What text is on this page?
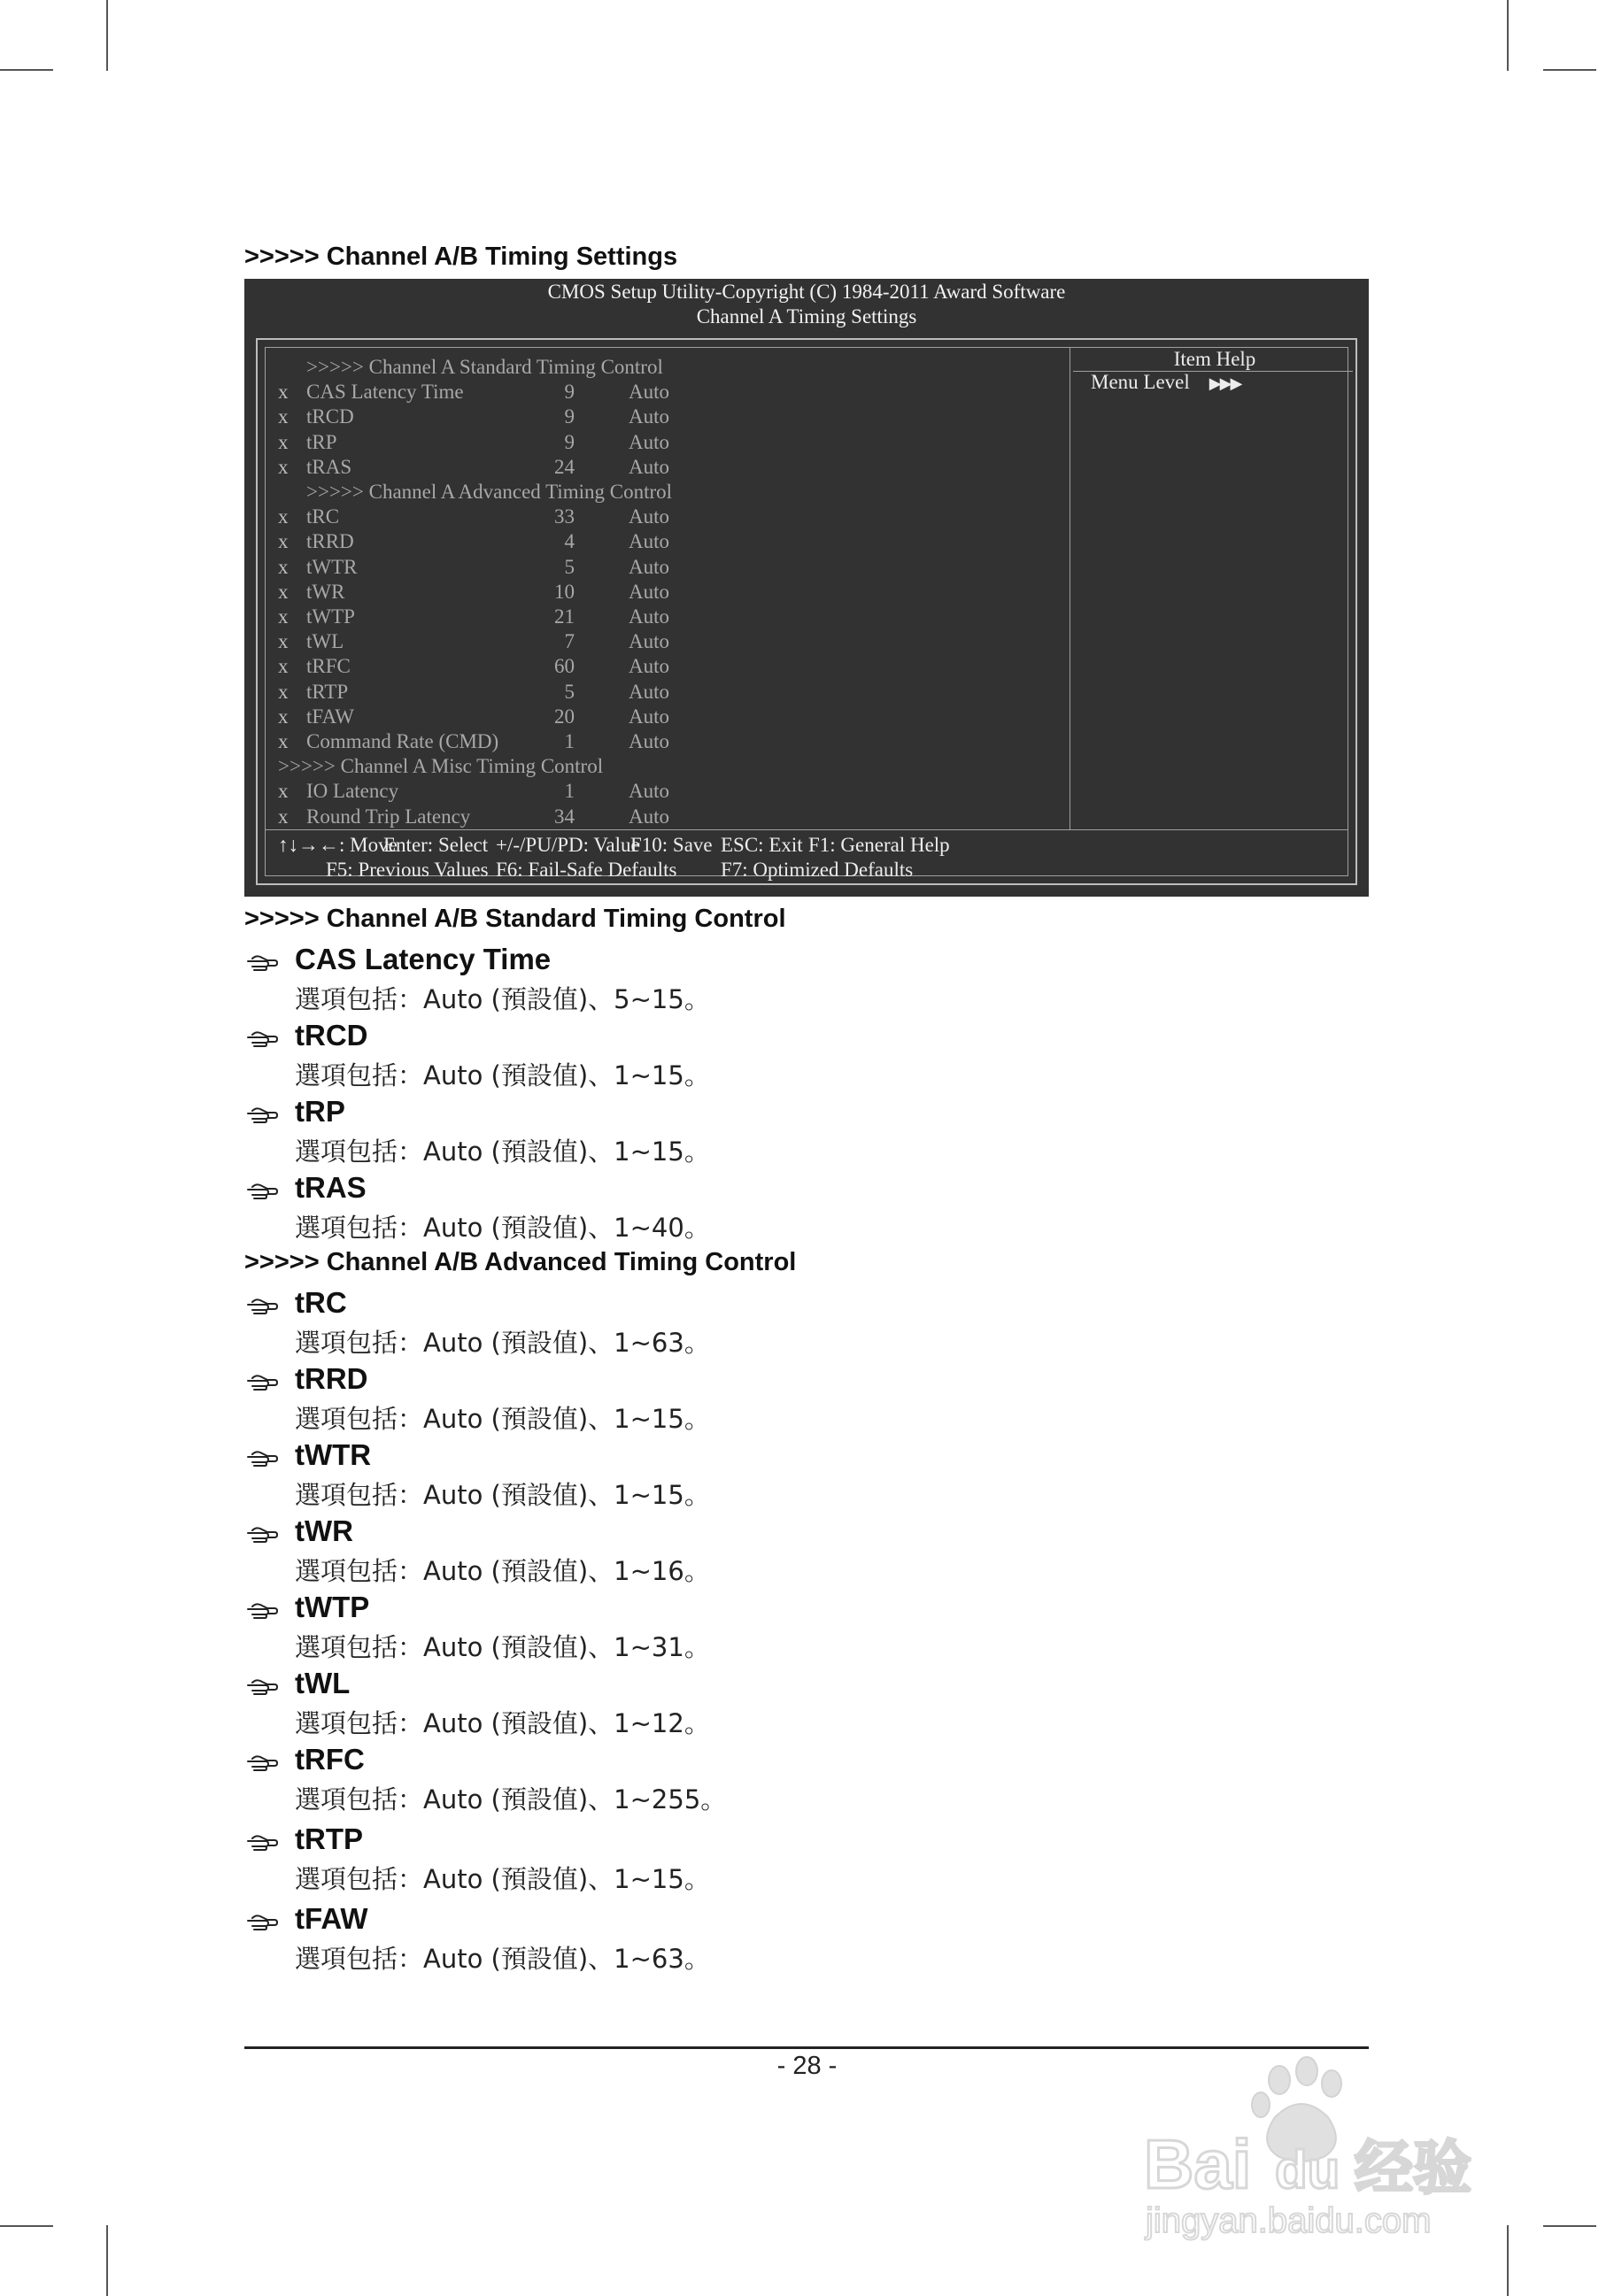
>>>>> Channel A/B Timing Settings
CMOS Setup Utility-Copyright (C) 1984-2011 Award Software
Channel A Timing Settings
Item Help
Menu Level ▶▶▶
>>>>> Channel A Standard Timing Control
x CAS Latency Time	9	Auto
x tRCD	9	Auto
x tRP	9	Auto
x tRAS	24	Auto
>>>>> Channel A Advanced Timing Control
x tRC	33	Auto
x tRRD	4	Auto
x tWTR	5	Auto
x tWR	10	Auto
x tWTP	21	Auto
x tWL	7	Auto
x tRFC	60	Auto
x tRTP	5	Auto
x tFAW	20	Auto
x Command Rate (CMD)	1	Auto
>>>>> Channel A Misc Timing Control
x IO Latency	1	Auto
x Round Trip Latency	34	Auto
↑↓→←: Move
Enter: Select +/-/PU/PD: Value
F10: Save ESC: Exit F1: General Help
F5: Previous Values F6: Fail-Safe Defaults F7: Optimized Defaults
>>>>> Channel A/B Standard Timing Control
CAS Latency Time
選項包括：Auto (預設值)、5~15。
tRCD
選項包括：Auto (預設值)、1~15。
tRP
選項包括：Auto (預設值)、1~15。
tRAS
選項包括：Auto (預設值)、1~40。
>>>>> Channel A/B Advanced Timing Control
tRC
選項包括：Auto (預設值)、1~63。
tRRD
選項包括：Auto (預設值)、1~15。
tWTR
選項包括：Auto (預設值)、1~15。
tWR
選項包括：Auto (預設值)、1~16。
tWTP
選項包括：Auto (預設值)、1~31。
tWL
選項包括：Auto (預設值)、1~12。
tRFC
選項包括：Auto (預設值)、1~255。
tRTP
選項包括：Auto (預設值)、1~15。
tFAW
選項包括：Auto (預設值)、1~63。
- 28 -
Bai du 经验
jingyan.baidu.com
